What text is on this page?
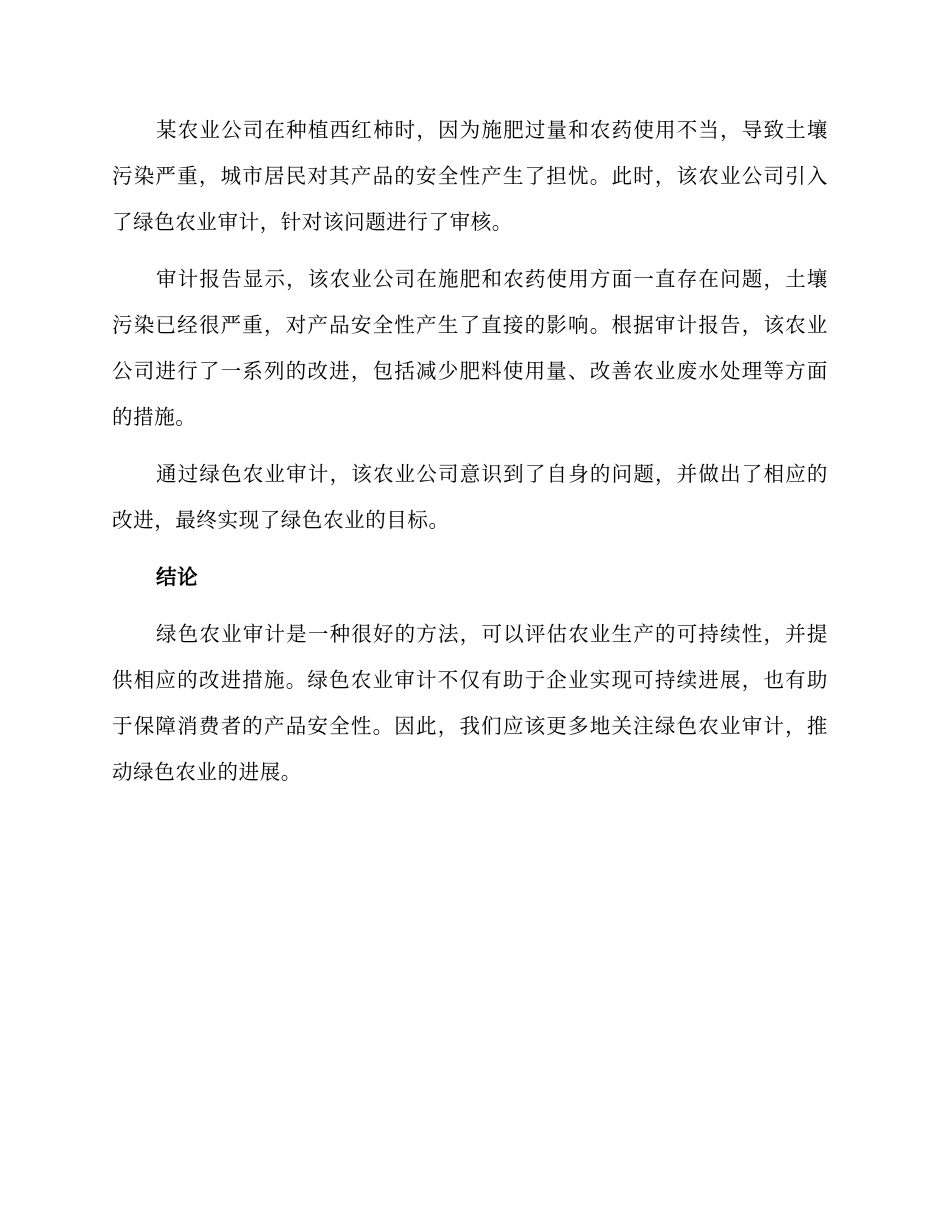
某农业公司在种植西红柿时，因为施肥过量和农药使用不当，导致土壤污染严重，城市居民对其产品的安全性产生了担忧。此时，该农业公司引入了绿色农业审计，针对该问题进行了审核。

审计报告显示，该农业公司在施肥和农药使用方面一直存在问题，土壤污染已经很严重，对产品安全性产生了直接的影响。根据审计报告，该农业公司进行了一系列的改进，包括减少肥料使用量、改善农业废水处理等方面的措施。

通过绿色农业审计，该农业公司意识到了自身的问题，并做出了相应的改进，最终实现了绿色农业的目标。

结论

绿色农业审计是一种很好的方法，可以评估农业生产的可持续性，并提供相应的改进措施。绿色农业审计不仅有助于企业实现可持续进展，也有助于保障消费者的产品安全性。因此，我们应该更多地关注绿色农业审计，推动绿色农业的进展。
